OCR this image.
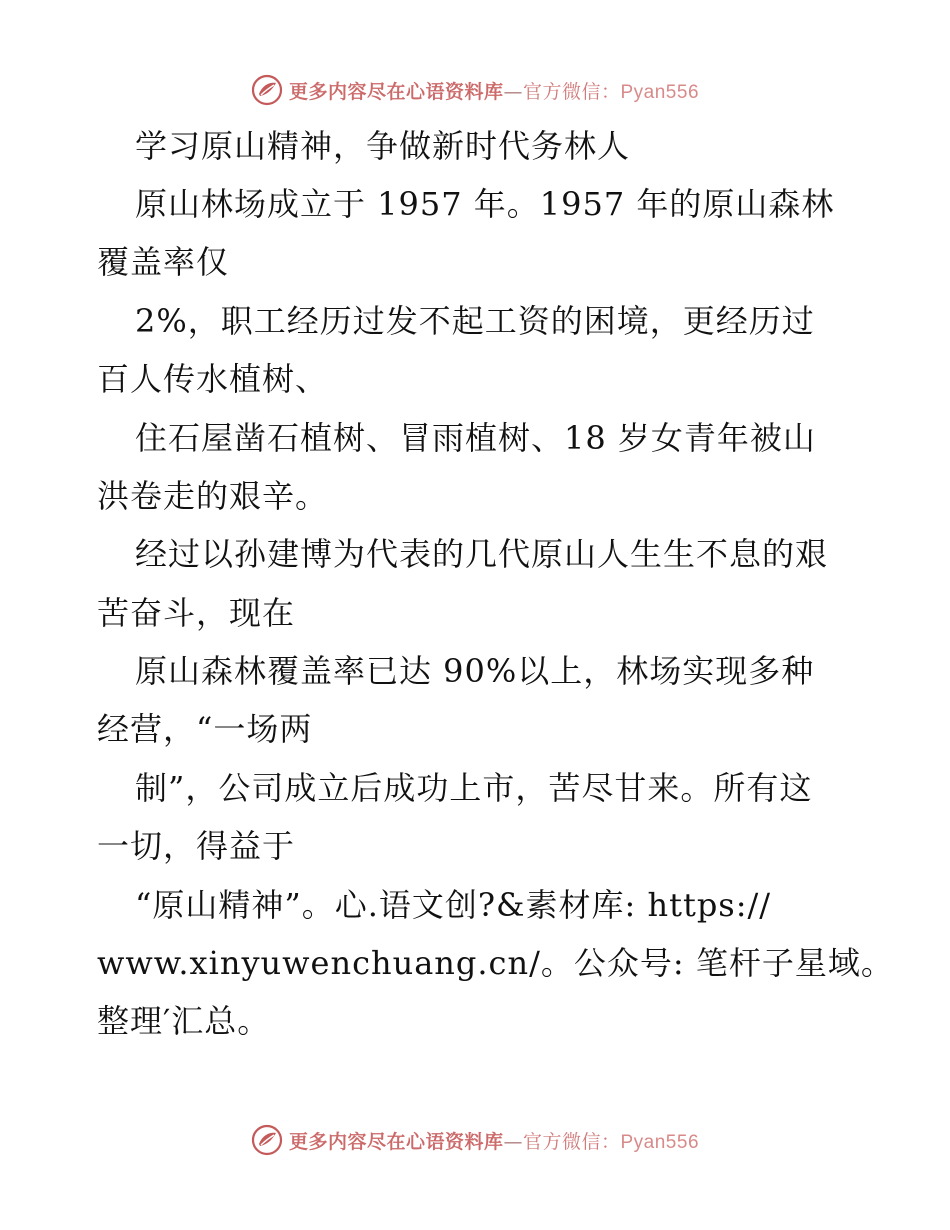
更多内容尽在心语资料库—官方微信：Pyan556
学习原山精神，争做新时代务林人
原山林场成立于 1957 年。1957 年的原山森林
覆盖率仅
2%，职工经历过发不起工资的困境，更经历过
百人传水植树、
住石屋凿石植树、冒雨植树、18 岁女青年被山
洪卷走的艰辛。
经过以孙建博为代表的几代原山人生生不息的艰
苦奋斗，现在
原山森林覆盖率已达 90%以上，林场实现多种
经营，“一场两
制”，公司成立后成功上市，苦尽甘来。所有这
一切，得益于
“原山精神”。心.语文创?&素材库: https://
www.xinyuwenchuang.cn/。公众号: 笔杆子星域。
整理′汇总。
更多内容尽在心语资料库—官方微信：Pyan556
